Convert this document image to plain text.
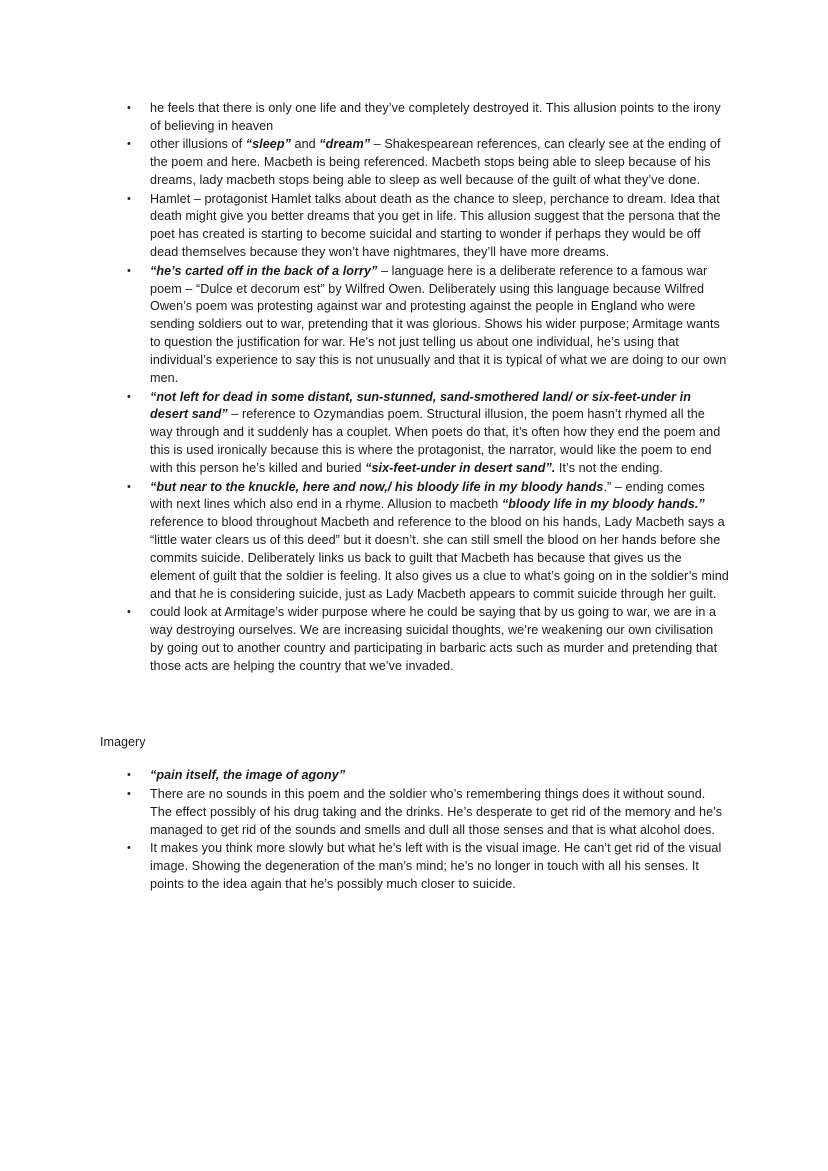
• he feels that there is only one life and they’ve completely destroyed it. This allusion points to the irony of believing in heaven
• other illusions of “sleep” and “dream” – Shakespearean references, can clearly see at the ending of the poem and here. Macbeth is being referenced. Macbeth stops being able to sleep because of his dreams, lady macbeth stops being able to sleep as well because of the guilt of what they’ve done.
• Hamlet – protagonist Hamlet talks about death as the chance to sleep, perchance to dream. Idea that death might give you better dreams that you get in life. This allusion suggest that the persona that the poet has created is starting to become suicidal and starting to wonder if perhaps they would be off dead themselves because they won’t have nightmares, they’ll have more dreams.
• “he’s carted off in the back of a lorry” – language here is a deliberate reference to a famous war poem – “Dulce et decorum est” by Wilfred Owen. Deliberately using this language because Wilfred Owen’s poem was protesting against war and protesting against the people in England who were sending soldiers out to war, pretending that it was glorious. Shows his wider purpose; Armitage wants to question the justification for war. He’s not just telling us about one individual, he’s using that individual’s experience to say this is not unusually and that it is typical of what we are doing to our own men.
• “not left for dead in some distant, sun-stunned, sand-smothered land/ or six-feet-under in desert sand” – reference to Ozymandias poem. Structural illusion, the poem hasn’t rhymed all the way through and it suddenly has a couplet. When poets do that, it’s often how they end the poem and this is used ironically because this is where the protagonist, the narrator, would like the poem to end with this person he’s killed and buried “six-feet-under in desert sand”. It’s not the ending.
• “but near to the knuckle, here and now,/ his bloody life in my bloody hands.” – ending comes with next lines which also end in a rhyme. Allusion to macbeth “bloody life in my bloody hands.” reference to blood throughout Macbeth and reference to the blood on his hands, Lady Macbeth says a “little water clears us of this deed” but it doesn’t. she can still smell the blood on her hands before she commits suicide. Deliberately links us back to guilt that Macbeth has because that gives us the element of guilt that the soldier is feeling. It also gives us a clue to what’s going on in the soldier’s mind and that he is considering suicide, just as Lady Macbeth appears to commit suicide through her guilt.
• could look at Armitage’s wider purpose where he could be saying that by us going to war, we are in a way destroying ourselves. We are increasing suicidal thoughts, we’re weakening our own civilisation by going out to another country and participating in barbaric acts such as murder and pretending that those acts are helping the country that we’ve invaded.

Imagery

• “pain itself, the image of agony”
• There are no sounds in this poem and the soldier who’s remembering things does it without sound. The effect possibly of his drug taking and the drinks. He’s desperate to get rid of the memory and he’s managed to get rid of the sounds and smells and dull all those senses and that is what alcohol does.
• It makes you think more slowly but what he’s left with is the visual image. He can’t get rid of the visual image. Showing the degeneration of the man’s mind; he’s no longer in touch with all his senses. It points to the idea again that he’s possibly much closer to suicide.
